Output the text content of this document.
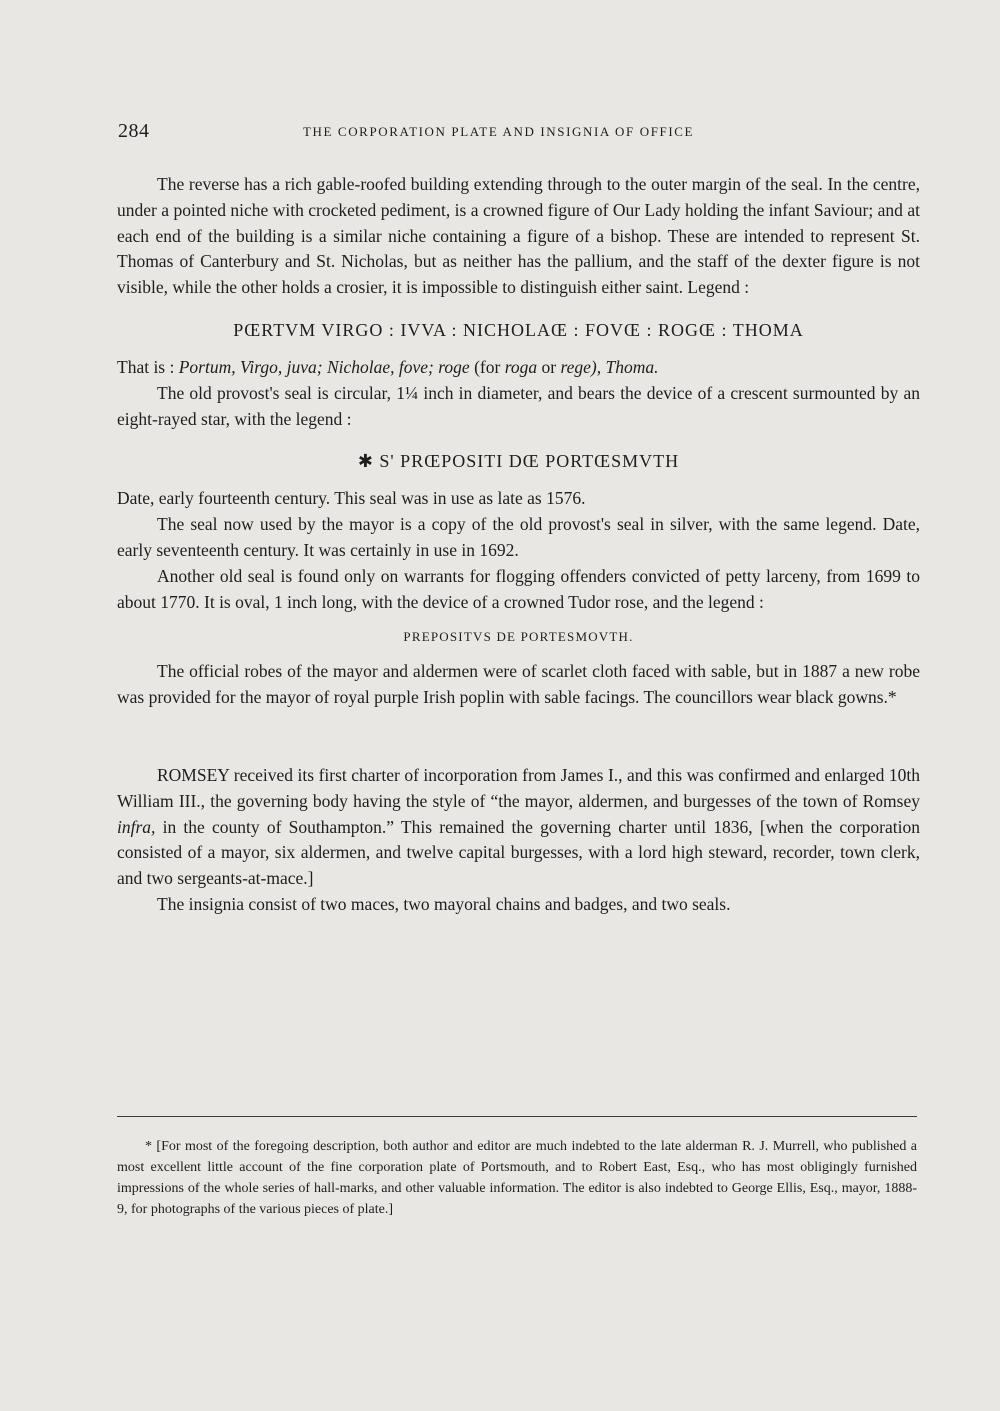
284	THE CORPORATION PLATE AND INSIGNIA OF OFFICE

The reverse has a rich gable-roofed building extending through to the outer margin of the seal. In the centre, under a pointed niche with crocketed pediment, is a crowned figure of Our Lady holding the infant Saviour; and at each end of the building is a similar niche containing a figure of a bishop. These are intended to represent St. Thomas of Canterbury and St. Nicholas, but as neither has the pallium, and the staff of the dexter figure is not visible, while the other holds a crosier, it is impossible to distinguish either saint. Legend :

PŒRTVM VIRGO : IVVA : NICHOLAŒ : FOVŒ : ROGŒ : THOMA

That is : Portum, Virgo, juva; Nicholae, fove; roge (for roga or rege), Thoma.

The old provost's seal is circular, 1¼ inch in diameter, and bears the device of a crescent surmounted by an eight-rayed star, with the legend :

✱ S' PRŒPOSITI DŒ PORTŒSMVTH

Date, early fourteenth century. This seal was in use as late as 1576.

The seal now used by the mayor is a copy of the old provost's seal in silver, with the same legend. Date, early seventeenth century. It was certainly in use in 1692.

Another old seal is found only on warrants for flogging offenders convicted of petty larceny, from 1699 to about 1770. It is oval, 1 inch long, with the device of a crowned Tudor rose, and the legend :

PREPOSITVS DE PORTESMOVTH.

The official robes of the mayor and aldermen were of scarlet cloth faced with sable, but in 1887 a new robe was provided for the mayor of royal purple Irish poplin with sable facings. The councillors wear black gowns.*

ROMSEY received its first charter of incorporation from James I., and this was confirmed and enlarged 10th William III., the governing body having the style of “the mayor, aldermen, and burgesses of the town of Romsey infra, in the county of Southampton.” This remained the governing charter until 1836, [when the corporation consisted of a mayor, six aldermen, and twelve capital burgesses, with a lord high steward, recorder, town clerk, and two sergeants-at-mace.]

The insignia consist of two maces, two mayoral chains and badges, and two seals.

* [For most of the foregoing description, both author and editor are much indebted to the late alderman R. J. Murrell, who published a most excellent little account of the fine corporation plate of Portsmouth, and to Robert East, Esq., who has most obligingly furnished impressions of the whole series of hall-marks, and other valuable information. The editor is also indebted to George Ellis, Esq., mayor, 1888-9, for photographs of the various pieces of plate.]
